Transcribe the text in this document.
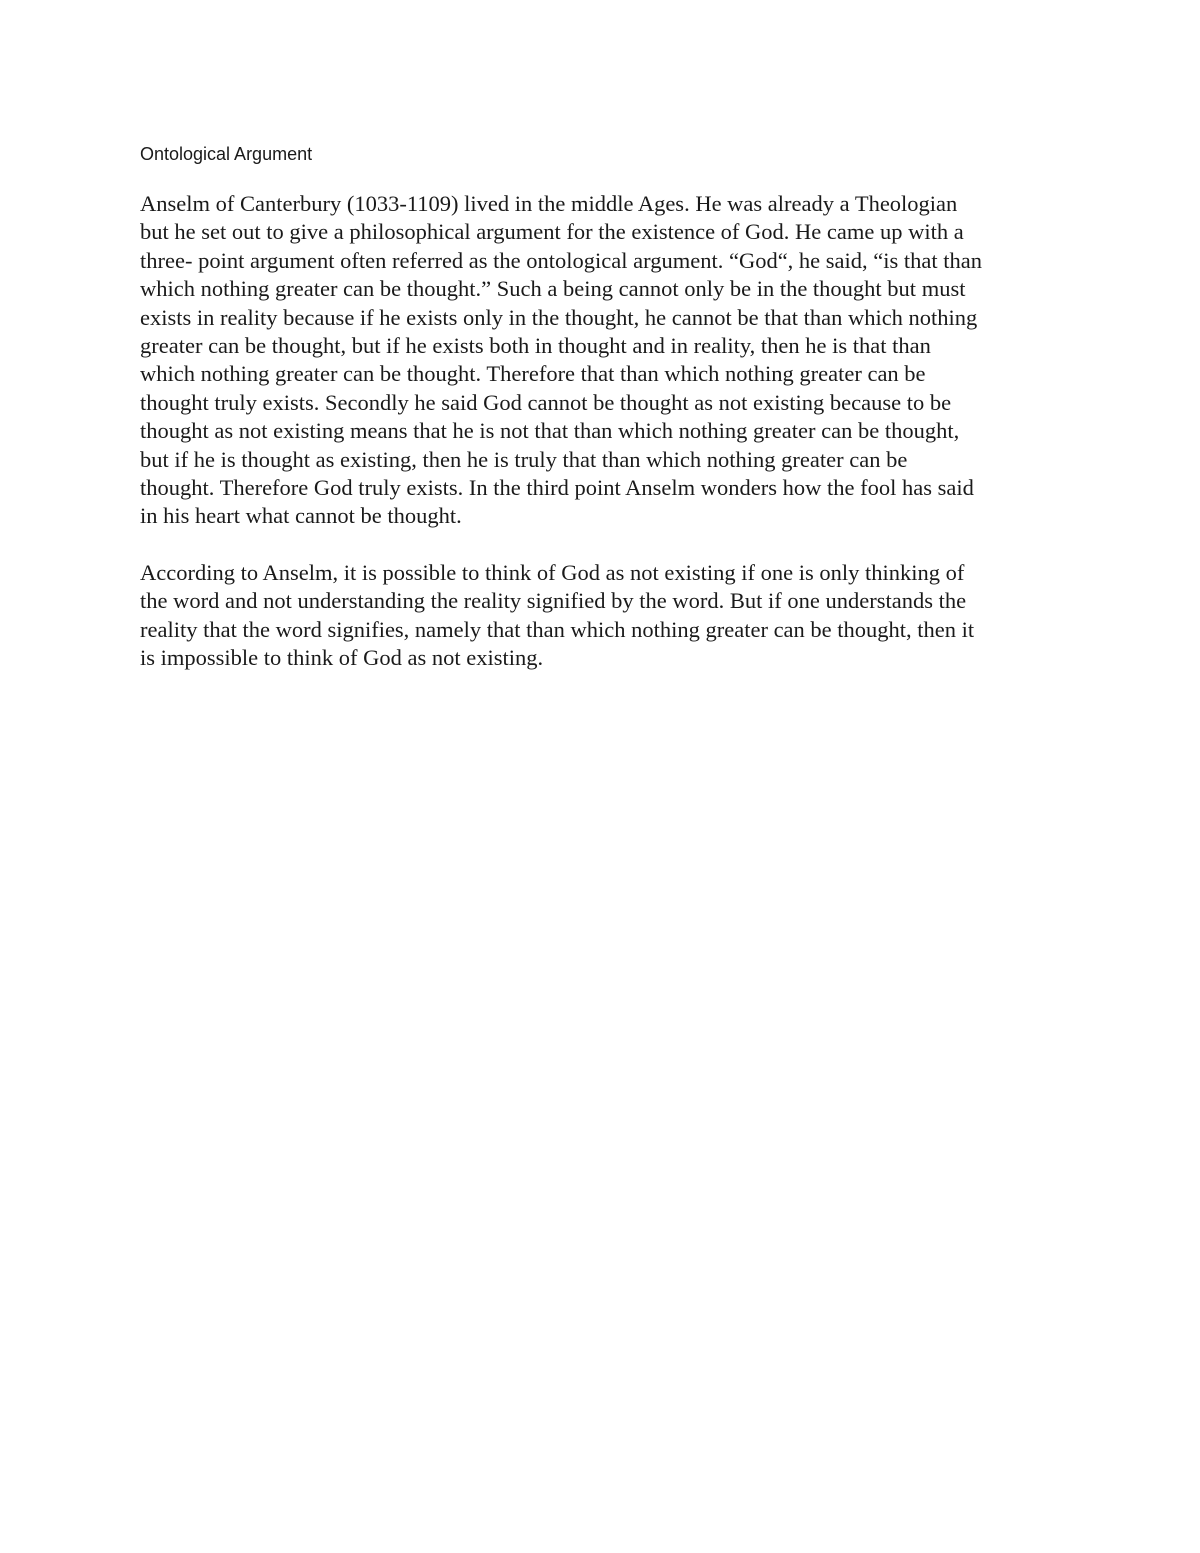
Ontological Argument

Anselm of Canterbury (1033-1109) lived in the middle Ages. He was already a Theologian
but he set out to give a philosophical argument for the existence of God. He came up with a
three- point argument often referred as the ontological argument. “God“, he said, “is that than
which nothing greater can be thought.” Such a being cannot only be in the thought but must
exists in reality because if he exists only in the thought, he cannot be that than which nothing
greater can be thought, but if he exists both in thought and in reality, then he is that than
which nothing greater can be thought. Therefore that than which nothing greater can be
thought truly exists. Secondly he said God cannot be thought as not existing because to be
thought as not existing means that he is not that than which nothing greater can be thought,
but if he is thought as existing, then he is truly that than which nothing greater can be
thought. Therefore God truly exists. In the third point Anselm wonders how the fool has said
in his heart what cannot be thought.

According to Anselm, it is possible to think of God as not existing if one is only thinking of
the word and not understanding the reality signified by the word. But if one understands the
reality that the word signifies, namely that than which nothing greater can be thought, then it
is impossible to think of God as not existing.
